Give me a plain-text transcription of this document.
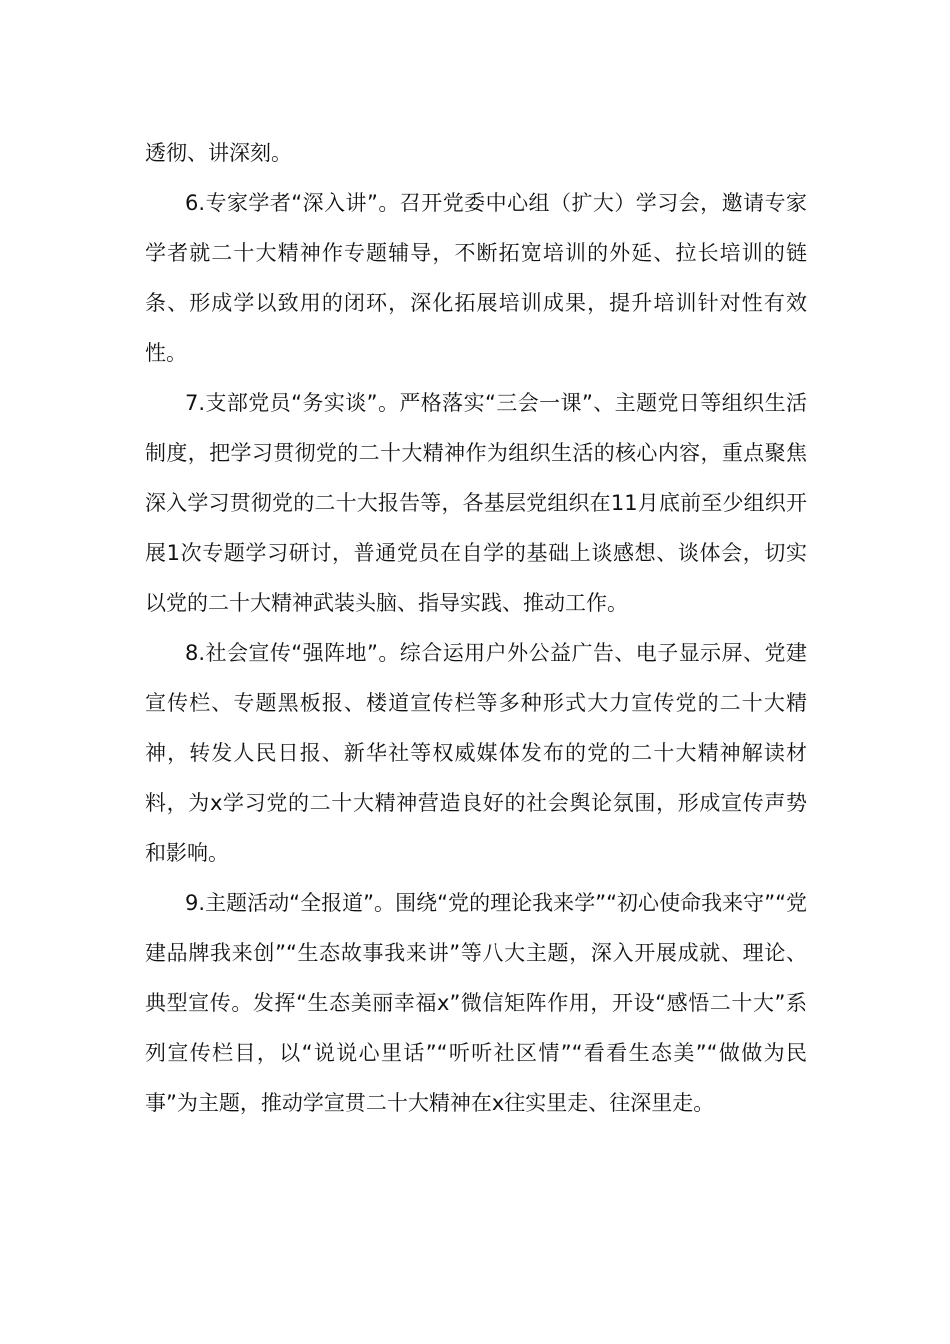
透彻、讲深刻。

6.专家学者“深入讲”。召开党委中心组（扩大）学习会，邀请专家学者就二十大精神作专题辅导，不断拓宽培训的外延、拉长培训的链条、形成学以致用的闭环，深化拓展培训成果，提升培训针对性有效性。

7.支部党员“务实谈”。严格落实“三会一课”、主题党日等组织生活制度，把学习贯彻党的二十大精神作为组织生活的核心内容，重点聚焦深入学习贯彻党的二十大报告等，各基层党组织在11月底前至少组织开展1次专题学习研讨，普通党员在自学的基础上谈感想、谈体会，切实以党的二十大精神武装头脑、指导实践、推动工作。

8.社会宣传“强阵地”。综合运用户外公益广告、电子显示屏、党建宣传栏、专题黑板报、楼道宣传栏等多种形式大力宣传党的二十大精神，转发人民日报、新华社等权威媒体发布的党的二十大精神解读材料，为x学习党的二十大精神营造良好的社会舆论氛围，形成宣传声势和影响。

9.主题活动“全报道”。围绕“党的理论我来学”“初心使命我来守”“党建品牌我来创”“生态故事我来讲”等八大主题，深入开展成就、理论、典型宣传。发挥“生态美丽幸福x”微信矩阵作用，开设“感悟二十大”系列宣传栏目，以“说说心里话”“听听社区情”“看看生态美”“做做为民事”为主题，推动学宣贯二十大精神在x往实里走、往深里走。
